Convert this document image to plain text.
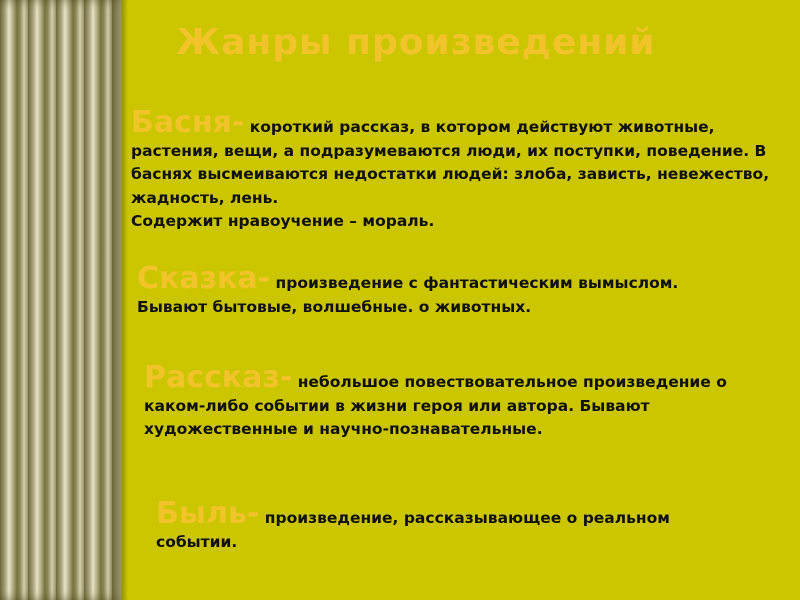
Жанры произведений
Басня- короткий рассказ, в котором действуют животные, растения, вещи, а подразумеваются люди, их поступки, поведение. В баснях высмеиваются недостатки людей: злоба, зависть, невежество, жадность, лень.
Содержит нравоучение – мораль.
Сказка- произведение с фантастическим вымыслом. Бывают бытовые, волшебные. о животных.
Рассказ- небольшое повествовательное произведение о каком-либо событии в жизни героя или автора. Бывают художественные и научно-познавательные.
Быль- произведение, рассказывающее о реальном событии.
